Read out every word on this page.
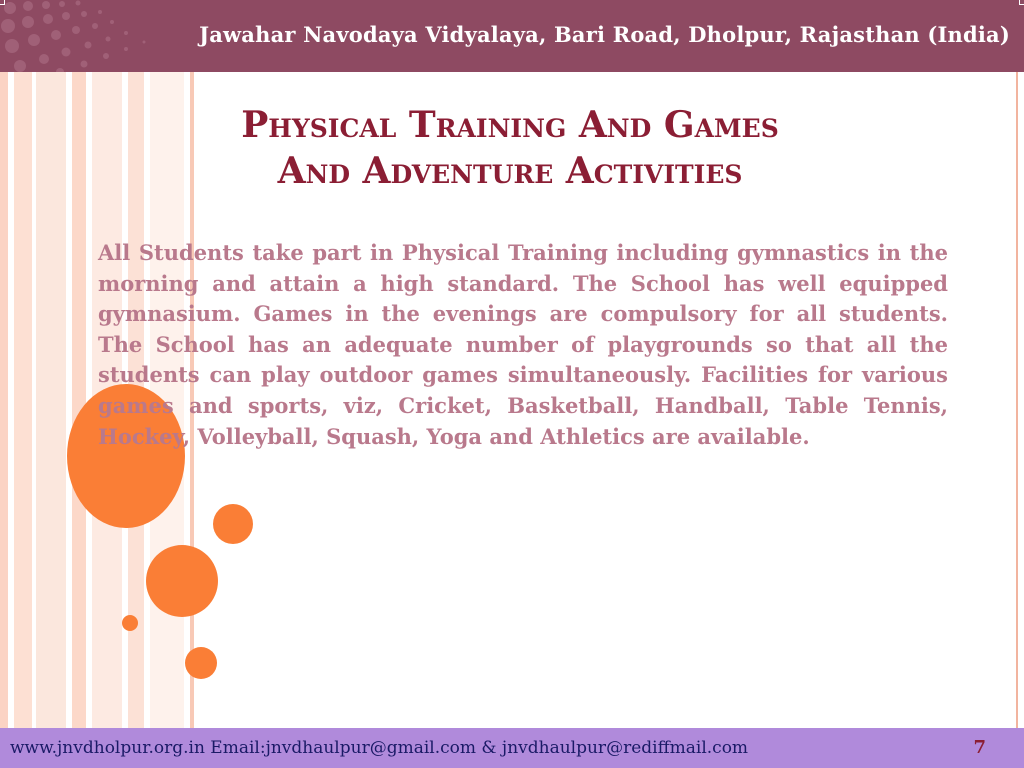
Jawahar Navodaya Vidyalaya, Bari Road, Dholpur, Rajasthan (India)
Physical Training And Games
And Adventure Activities
All Students take part in Physical Training including gymnastics in the morning and attain a high standard. The School has well equipped gymnasium. Games in the evenings are compulsory for all students. The School has an adequate number of playgrounds so that all the students can play outdoor games simultaneously. Facilities for various games and sports, viz, Cricket, Basketball, Handball, Table Tennis, Hockey, Volleyball, Squash, Yoga and Athletics are available.
www.jnvdholpur.org.in Email:jnvdhaulpur@gmail.com & jnvdhaulpur@rediffmail.com	7
